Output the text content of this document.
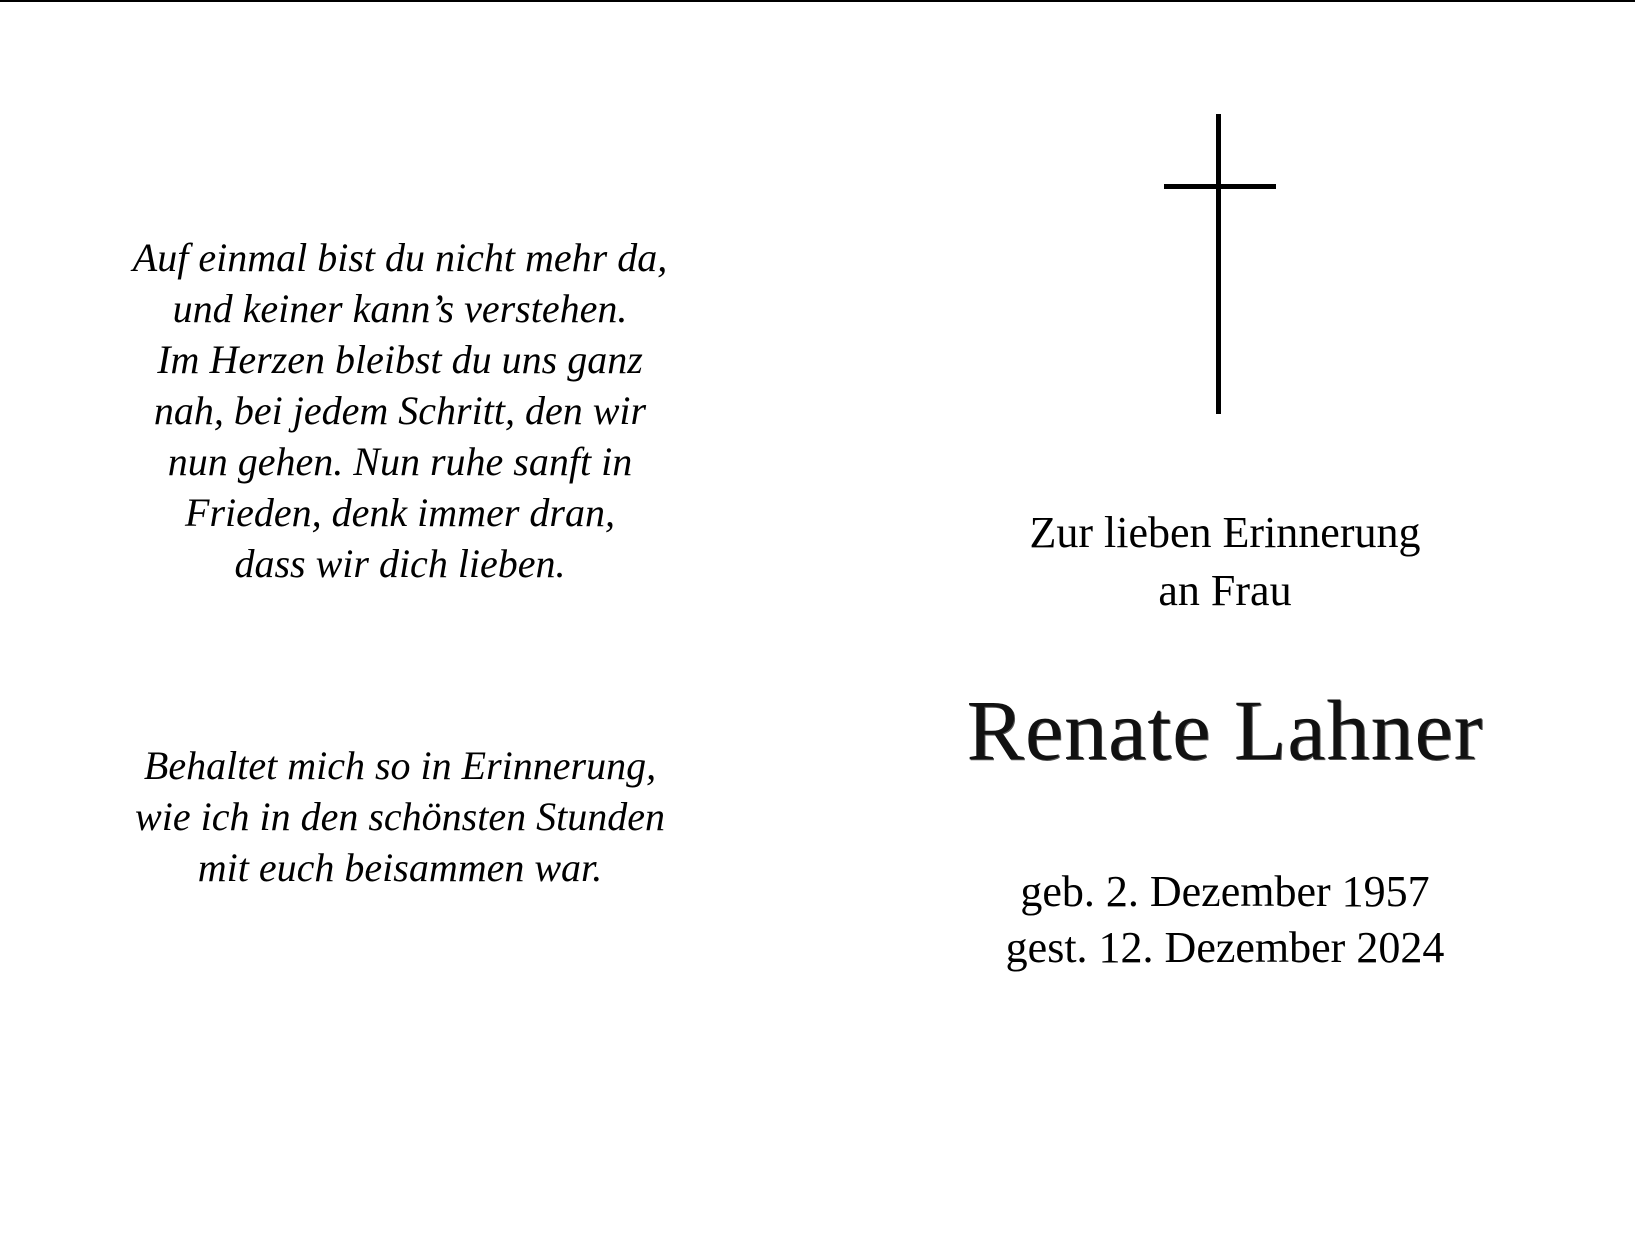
Auf einmal bist du nicht mehr da,
und keiner kann’s verstehen.
Im Herzen bleibst du uns ganz
nah, bei jedem Schritt, den wir
nun gehen. Nun ruhe sanft in
Frieden, denk immer dran,
dass wir dich lieben.
Behaltet mich so in Erinnerung,
wie ich in den schönsten Stunden
mit euch beisammen war.
Zur lieben Erinnerung
an Frau
Renate Lahner
geb. 2. Dezember 1957
gest. 12. Dezember 2024
